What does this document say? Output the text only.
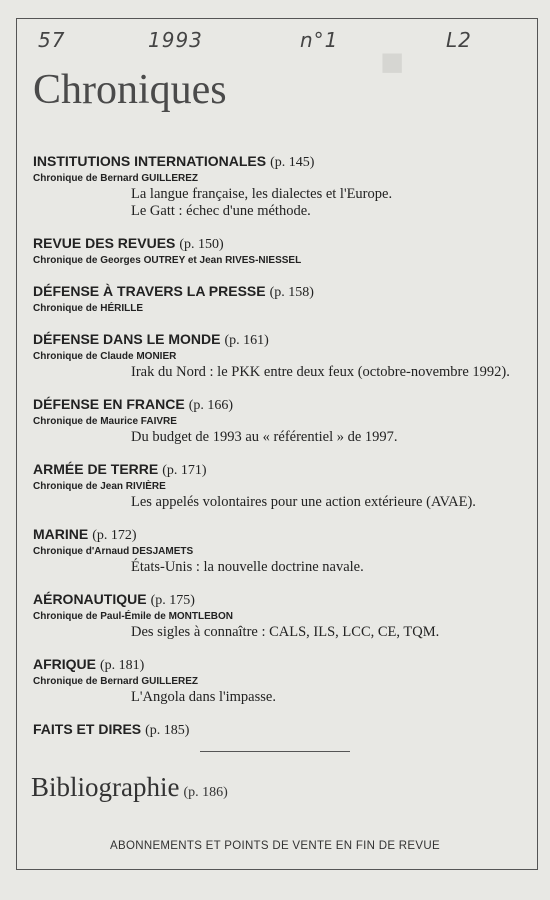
■
57	1993	n°1	L2
Chroniques
INSTITUTIONS INTERNATIONALES (p. 145)
Chronique de Bernard GUILLEREZ
La langue française, les dialectes et l'Europe.
Le Gatt : échec d'une méthode.
REVUE DES REVUES (p. 150)
Chronique de Georges OUTREY et Jean RIVES-NIESSEL
DÉFENSE À TRAVERS LA PRESSE (p. 158)
Chronique de HÉRILLE
DÉFENSE DANS LE MONDE (p. 161)
Chronique de Claude MONIER
Irak du Nord : le PKK entre deux feux (octobre-novembre 1992).
DÉFENSE EN FRANCE (p. 166)
Chronique de Maurice FAIVRE
Du budget de 1993 au « référentiel » de 1997.
ARMÉE DE TERRE (p. 171)
Chronique de Jean RIVIÈRE
Les appelés volontaires pour une action extérieure (AVAE).
MARINE (p. 172)
Chronique d'Arnaud DESJAMETS
États-Unis : la nouvelle doctrine navale.
AÉRONAUTIQUE (p. 175)
Chronique de Paul-Émile de MONTLEBON
Des sigles à connaître : CALS, ILS, LCC, CE, TQM.
AFRIQUE (p. 181)
Chronique de Bernard GUILLEREZ
L'Angola dans l'impasse.
FAITS ET DIRES (p. 185)
Bibliographie (p. 186)
ABONNEMENTS ET POINTS DE VENTE EN FIN DE REVUE
